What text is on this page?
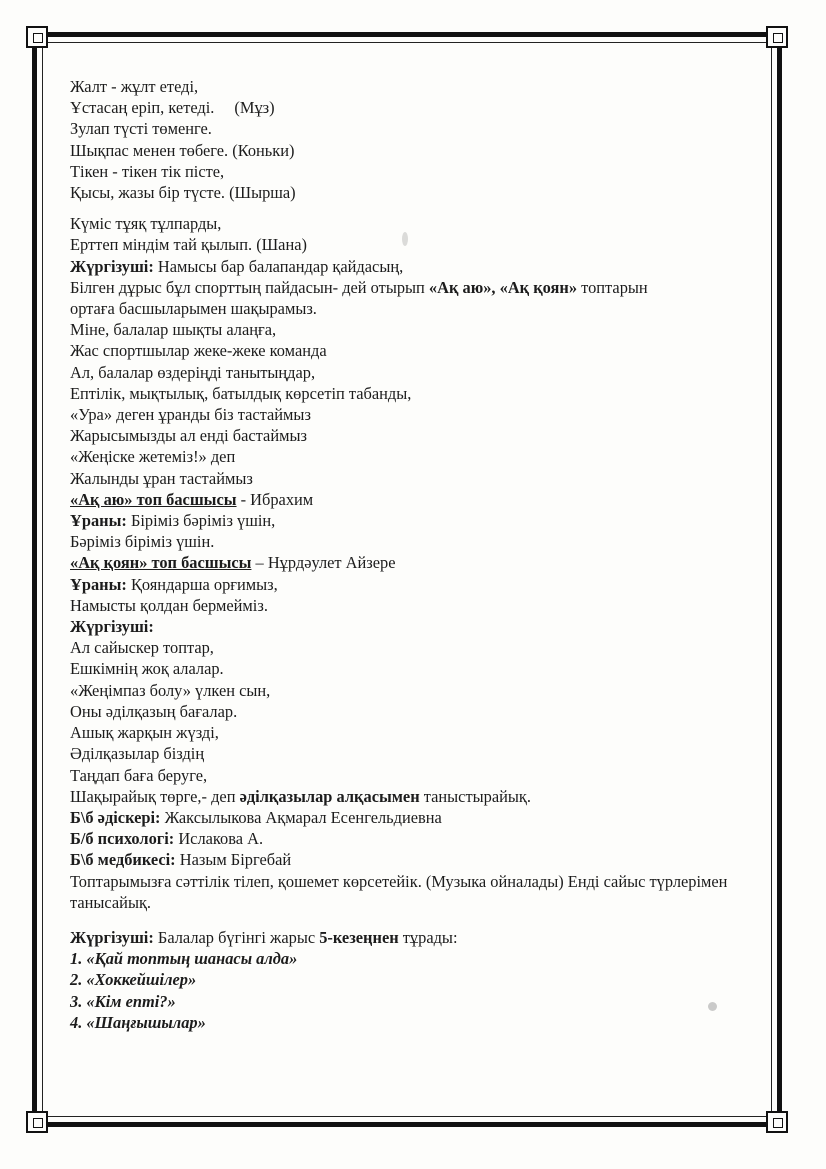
Жалт - жұлт етеді,
Ұстасаң еріп, кетеді. (Мұз)
Зулап түсті төменге.
Шықпас менен төбеге. (Коньки)
Тікен - тікен тік пісте,
Қысы, жазы бір түсте. (Шырша)
Күміс тұяқ тұлпарды,
Ерттеп міндім тай қылып. (Шана)
Жүргізуші: Намысы бар балапандар қайдасың,
Білген дұрыс бұл спорттың пайдасын- дей отырып «Ақ аю», «Ақ қоян» топтарын
ортаға басшыларымен шақырамыз.
Міне, балалар шықты алаңға,
Жас спортшылар жеке-жеке команда
Ал, балалар өздеріңді танытыңдар,
Ептілік, мықтылық, батылдық көрсетіп табанды,
«Ура» деген ұранды біз тастаймыз
Жарысымызды ал енді бастаймыз
«Жеңіске жетеміз!» деп
Жалынды ұран тастаймыз
«Ақ аю» топ басшысы - Ибрахим
Ұраны: Біріміз бәріміз үшін,
Бәріміз біріміз үшін.
«Ақ қоян» топ басшысы – Нұрдәулет Айзере
Ұраны: Қояндарша орғимыз,
Намысты қолдан бермейміз.
Жүргізуші:
Ал сайыскер топтар,
Ешкімнің жоқ алалар.
«Жеңімпаз болу» үлкен сын,
Оны әділқазың бағалар.
Ашық жарқын жүзді,
Әділқазылар біздің
Таңдап баға беруге,
Шақырайық төрге,- деп әділқазылар алқасымен таныстырайық.
Б\б әдіскері: Жаксылыкова Ақмарал Есенгельдиевна
Б/б психологі: Ислакова А.
Б\б медбикесі: Назым Біргебай
Топтарымызға сәттілік тілеп, қошемет көрсетейік. (Музыка ойналады) Енді сайыс түрлерімен танысайық.
Жүргізуші: Балалар бүгінгі жарыс 5-кезеңнен тұрады:
1. «Қай топтың шанасы алда»
2. «Хоккейшілер»
3. «Кім епті?»
4. «Шаңғышылар»
